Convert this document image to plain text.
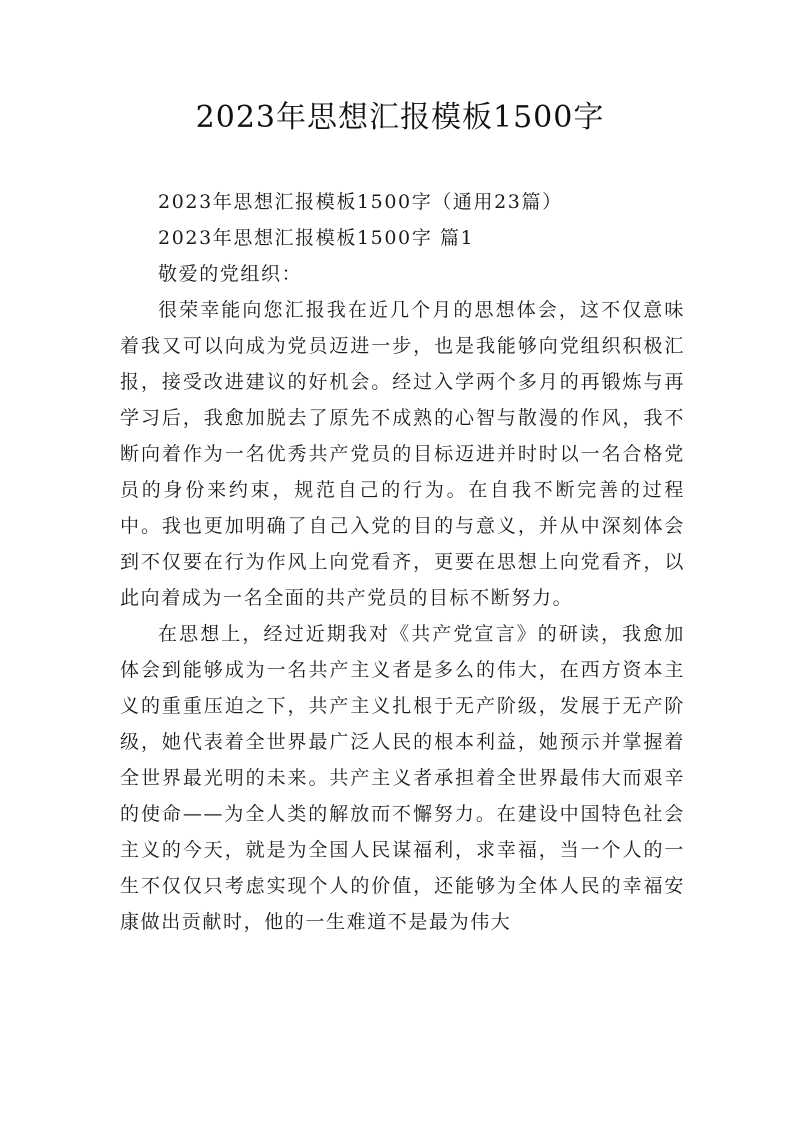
2023年思想汇报模板1500字

2023年思想汇报模板1500字（通用23篇）

2023年思想汇报模板1500字 篇1

敬爱的党组织：

很荣幸能向您汇报我在近几个月的思想体会，这不仅意味着我又可以向成为党员迈进一步，也是我能够向党组织积极汇报，接受改进建议的好机会。经过入学两个多月的再锻炼与再学习后，我愈加脱去了原先不成熟的心智与散漫的作风，我不断向着作为一名优秀共产党员的目标迈进并时时以一名合格党员的身份来约束，规范自己的行为。在自我不断完善的过程中。我也更加明确了自己入党的目的与意义，并从中深刻体会到不仅要在行为作风上向党看齐，更要在思想上向党看齐，以此向着成为一名全面的共产党员的目标不断努力。

在思想上，经过近期我对《共产党宣言》的研读，我愈加体会到能够成为一名共产主义者是多么的伟大，在西方资本主义的重重压迫之下，共产主义扎根于无产阶级，发展于无产阶级，她代表着全世界最广泛人民的根本利益，她预示并掌握着全世界最光明的未来。共产主义者承担着全世界最伟大而艰辛的使命——为全人类的解放而不懈努力。在建设中国特色社会主义的今天，就是为全国人民谋福利，求幸福，当一个人的一生不仅仅只考虑实现个人的价值，还能够为全体人民的幸福安康做出贡献时，他的一生难道不是最为伟大
